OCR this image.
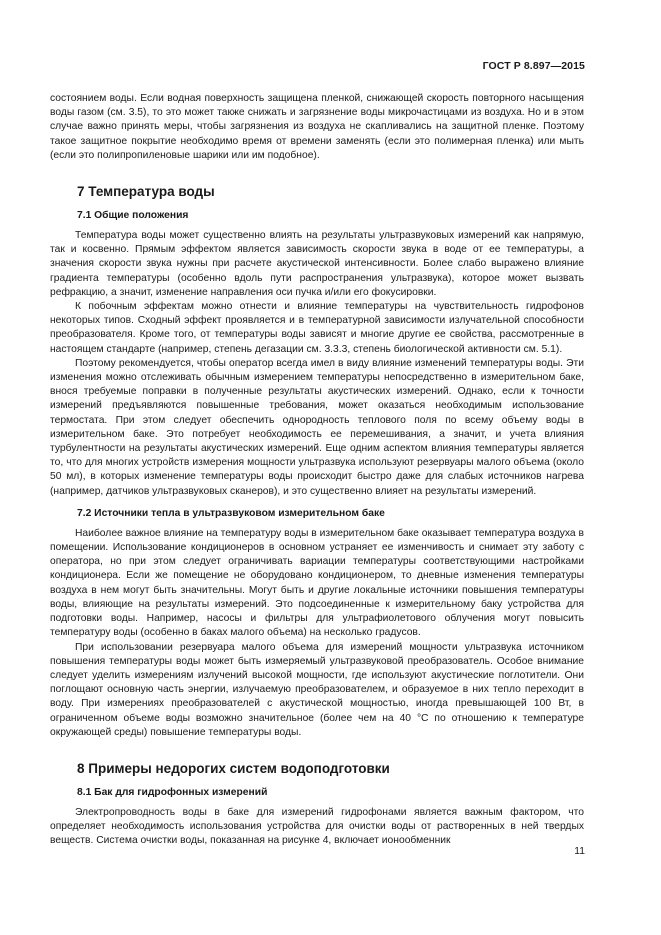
ГОСТ Р 8.897—2015

состоянием воды. Если водная поверхность защищена пленкой, снижающей скорость повторного насыщения воды газом (см. 3.5), то это может также снижать и загрязнение воды микрочастицами из воздуха. Но и в этом случае важно принять меры, чтобы загрязнения из воздуха не скапливались на защитной пленке. Поэтому такое защитное покрытие необходимо время от времени заменять (если это полимерная пленка) или мыть (если это полипропиленовые шарики или им подобное).

7 Температура воды
7.1 Общие положения

Температура воды может существенно влиять на результаты ультразвуковых измерений как напрямую, так и косвенно. Прямым эффектом является зависимость скорости звука в воде от ее температуры, а значения скорости звука нужны при расчете акустической интенсивности. Более слабо выражено влияние градиента температуры (особенно вдоль пути распространения ультразвука), которое может вызвать рефракцию, а значит, изменение направления оси пучка и/или его фокусировки.

К побочным эффектам можно отнести и влияние температуры на чувствительность гидрофонов некоторых типов. Сходный эффект проявляется и в температурной зависимости излучательной способности преобразователя. Кроме того, от температуры воды зависят и многие другие ее свойства, рассмотренные в настоящем стандарте (например, степень дегазации см. 3.3.3, степень биологической активности см. 5.1).

Поэтому рекомендуется, чтобы оператор всегда имел в виду влияние изменений температуры воды. Эти изменения можно отслеживать обычным измерением температуры непосредственно в измерительном баке, внося требуемые поправки в полученные результаты акустических измерений. Однако, если к точности измерений предъявляются повышенные требования, может оказаться необходимым использование термостата. При этом следует обеспечить однородность теплового поля по всему объему воды в измерительном баке. Это потребует необходимость ее перемешивания, а значит, и учета влияния турбулентности на результаты акустических измерений. Еще одним аспектом влияния температуры является то, что для многих устройств измерения мощности ультразвука используют резервуары малого объема (около 50 мл), в которых изменение температуры воды происходит быстро даже для слабых источников нагрева (например, датчиков ультразвуковых сканеров), и это существенно влияет на результаты измерений.

7.2 Источники тепла в ультразвуковом измерительном баке

Наиболее важное влияние на температуру воды в измерительном баке оказывает температура воздуха в помещении. Использование кондиционеров в основном устраняет ее изменчивость и снимает эту заботу с оператора, но при этом следует ограничивать вариации температуры соответствующими настройками кондиционера. Если же помещение не оборудовано кондиционером, то дневные изменения температуры воздуха в нем могут быть значительны. Могут быть и другие локальные источники повышения температуры воды, влияющие на результаты измерений. Это подсоединенные к измерительному баку устройства для подготовки воды. Например, насосы и фильтры для ультрафиолетового облучения могут повысить температуру воды (особенно в баках малого объема) на несколько градусов.

При использовании резервуара малого объема для измерений мощности ультразвука источником повышения температуры воды может быть измеряемый ультразвуковой преобразователь. Особое внимание следует уделить измерениям излучений высокой мощности, где используют акустические поглотители. Они поглощают основную часть энергии, излучаемую преобразователем, и образуемое в них тепло переходит в воду. При измерениях преобразователей с акустической мощностью, иногда превышающей 100 Вт, в ограниченном объеме воды возможно значительное (более чем на 40 °С по отношению к температуре окружающей среды) повышение температуры воды.

8 Примеры недорогих систем водоподготовки
8.1 Бак для гидрофонных измерений

Электропроводность воды в баке для измерений гидрофонами является важным фактором, что определяет необходимость использования устройства для очистки воды от растворенных в ней твердых веществ. Система очистки воды, показанная на рисунке 4, включает ионообменник

11
